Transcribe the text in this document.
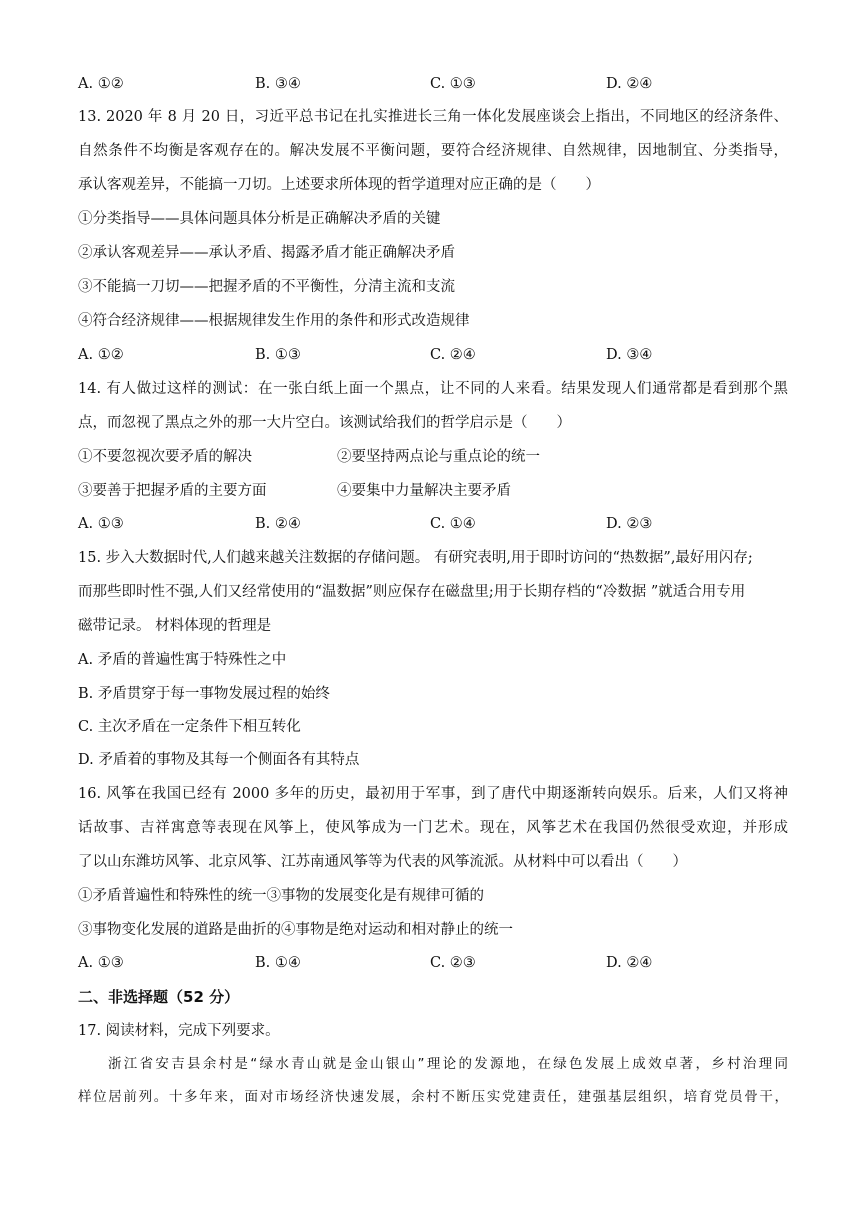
A. ①②	B. ③④	C. ①③	D. ②④
13. 2020 年 8 月 20 日，习近平总书记在扎实推进长三角一体化发展座谈会上指出，不同地区的经济条件、
自然条件不均衡是客观存在的。解决发展不平衡问题，要符合经济规律、自然规律，因地制宜、分类指导，
承认客观差异，不能搞一刀切。上述要求所体现的哲学道理对应正确的是（　　）
①分类指导——具体问题具体分析是正确解决矛盾的关键
②承认客观差异——承认矛盾、揭露矛盾才能正确解决矛盾
③不能搞一刀切——把握矛盾的不平衡性，分清主流和支流
④符合经济规律——根据规律发生作用的条件和形式改造规律
A. ①②	B. ①③	C. ②④	D. ③④
14. 有人做过这样的测试：在一张白纸上面一个黑点，让不同的人来看。结果发现人们通常都是看到那个黑
点，而忽视了黑点之外的那一大片空白。该测试给我们的哲学启示是（　　）
①不要忽视次要矛盾的解决	②要坚持两点论与重点论的统一
③要善于把握矛盾的主要方面	④要集中力量解决主要矛盾
A. ①③	B. ②④	C. ①④	D. ②③
15. 步入大数据时代,人们越来越关注数据的存储问题。 有研究表明,用于即时访问的“热数据”,最好用闪存;
而那些即时性不强,人们又经常使用的“温数据”则应保存在磁盘里;用于长期存档的“冷数据 ”就适合用专用
磁带记录。 材料体现的哲理是
A. 矛盾的普遍性寓于特殊性之中
B. 矛盾贯穿于每一事物发展过程的始终
C. 主次矛盾在一定条件下相互转化
D. 矛盾着的事物及其每一个侧面各有其特点
16. 风筝在我国已经有 2000 多年的历史，最初用于军事，到了唐代中期逐渐转向娱乐。后来，人们又将神
话故事、吉祥寓意等表现在风筝上，使风筝成为一门艺术。现在，风筝艺术在我国仍然很受欢迎，并形成
了以山东潍坊风筝、北京风筝、江苏南通风筝等为代表的风筝流派。从材料中可以看出（　　）
①矛盾普遍性和特殊性的统一③事物的发展变化是有规律可循的
③事物变化发展的道路是曲折的④事物是绝对运动和相对静止的统一
A. ①③	B. ①④	C. ②③	D. ②④
二、非选择题（52 分）
17. 阅读材料，完成下列要求。
浙江省安吉县余村是“绿水青山就是金山银山”理论的发源地，在绿色发展上成效卓著，乡村治理同
样位居前列。十多年来，面对市场经济快速发展，余村不断压实党建责任，建强基层组织，培育党员骨干，
